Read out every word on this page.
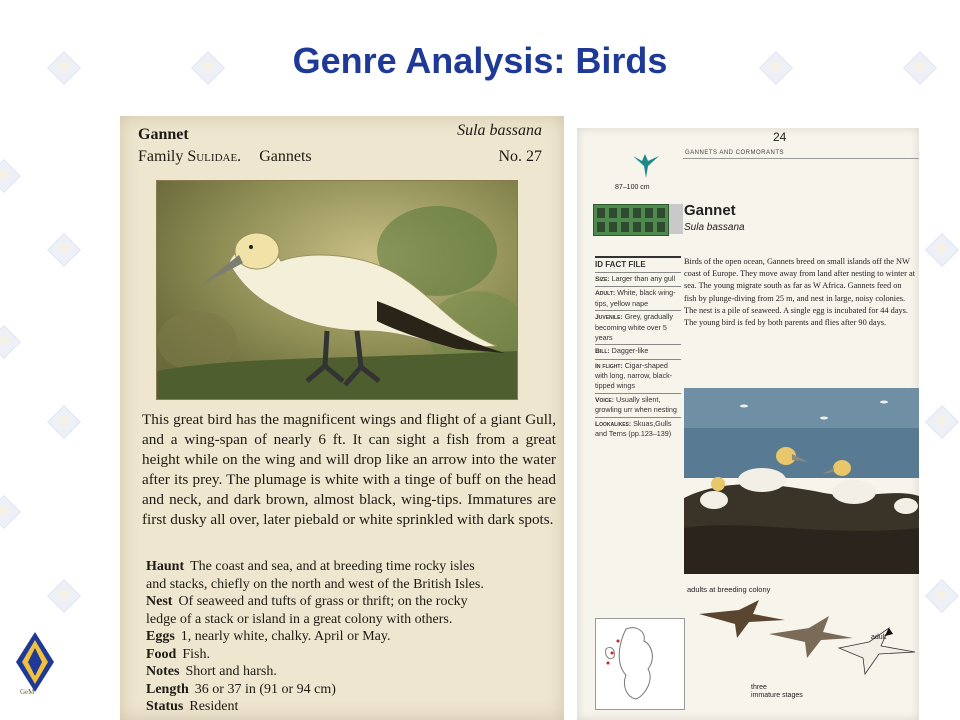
Genre Analysis: Birds
GeM
Gannet	Sula bassana
Family Sulidae. Gannets	No. 27

This great bird has the magnificent wings and flight of a giant Gull, and a wing-span of nearly 6 ft. It can sight a fish from a great height while on the wing and will drop like an arrow into the water after its prey. The plumage is white with a tinge of buff on the head and neck, and dark brown, almost black, wing-tips. Immatures are first dusky all over, later piebald or white sprinkled with dark spots.

Haunt The coast and sea, and at breeding time rocky isles
and stacks, chiefly on the north and west of the British Isles.
Nest Of seaweed and tufts of grass or thrift; on the rocky
ledge of a stack or island in a great colony with others.
Eggs 1, nearly white, chalky. April or May.
Food Fish.
Notes Short and harsh.
Length 36 or 37 in (91 or 94 cm)
Status Resident
24
GANNETS AND CORMORANTS
87–100 cm
Gannet
Sula bassana
ID FACT FILE
Size: Larger than any gull
Adult: White, black wing-tips, yellow nape
Juvenile: Grey, gradually becoming white over 5 years
Bill: Dagger-like
In flight: Cigar-shaped with long, narrow, black-tipped wings
Voice: Usually silent, growling urr when nesting
Lookalikes: Skuas,Gulls and Terns (pp.123–139)

Birds of the open ocean, Gannets breed on small islands off the NW coast of Europe. They move away from land after nesting to winter at sea. The young migrate south as far as W Africa. Gannets feed on fish by plunge-diving from 25 m, and nest in large, noisy colonies. The nest is a pile of seaweed. A single egg is incubated for 44 days. The young bird is fed by both parents and flies after 90 days.

adults at breeding colony
three
immature stages
adult
